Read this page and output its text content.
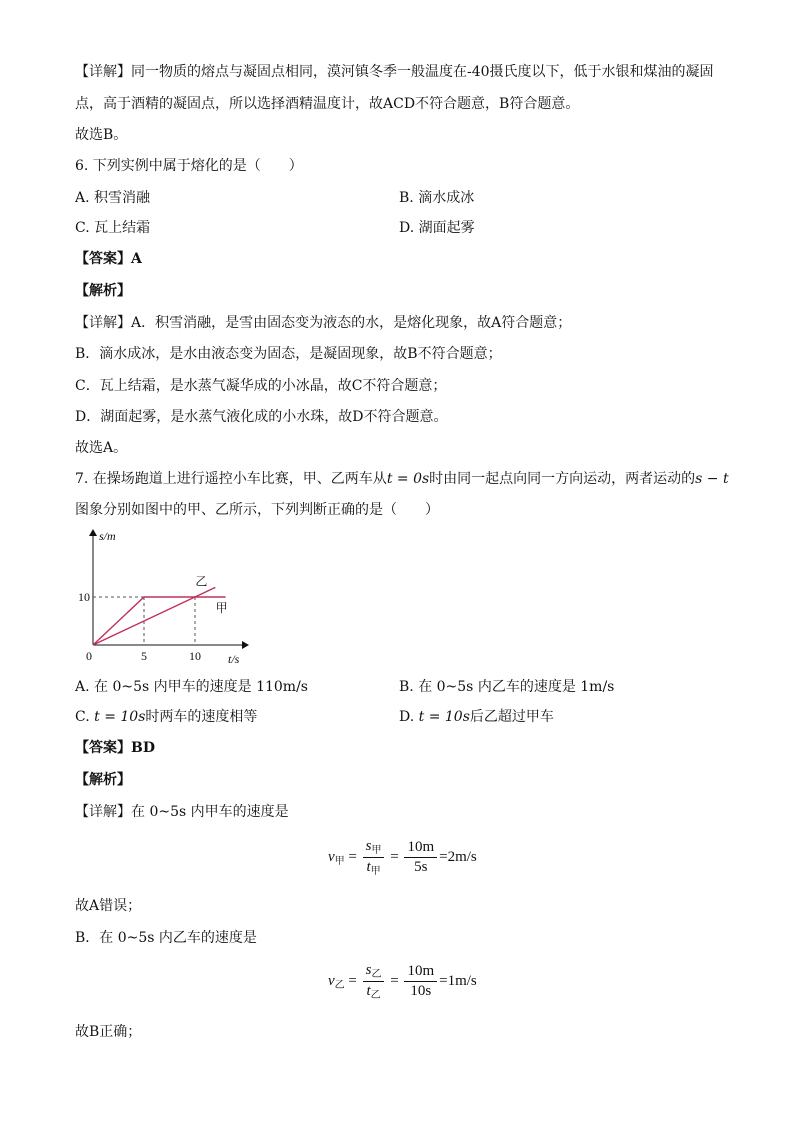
【详解】同一物质的熔点与凝固点相同，漠河镇冬季一般温度在-40摄氏度以下，低于水银和煤油的凝固
点，高于酒精的凝固点，所以选择酒精温度计，故ACD不符合题意，B符合题意。
故选B。
6. 下列实例中属于熔化的是（　　）
A. 积雪消融	B. 滴水成冰
C. 瓦上结霜	D. 湖面起雾
【答案】A
【解析】
【详解】A．积雪消融，是雪由固态变为液态的水，是熔化现象，故A符合题意；
B．滴水成冰，是水由液态变为固态，是凝固现象，故B不符合题意；
C．瓦上结霜，是水蒸气凝华成的小冰晶，故C不符合题意；
D．湖面起雾，是水蒸气液化成的小水珠，故D不符合题意。
故选A。
7. 在操场跑道上进行遥控小车比赛，甲、乙两车从t = 0s时由同一起点向同一方向运动，两者运动的s − t
图象分别如图中的甲、乙所示，下列判断正确的是（　　）
甲
乙
5	10
10
0	t/s
s/m
A. 在 0~5s 内甲车的速度是 110m/s	B. 在 0~5s 内乙车的速度是 1m/s
C. t = 10s时两车的速度相等	D. t = 10s后乙超过甲车
【答案】BD
【解析】
【详解】在 0~5s 内甲车的速度是
$v_甲 = \frac{s_甲}{t_甲} = \frac{10m}{5s} =2m/s$
故A错误；
B．在 0~5s 内乙车的速度是
$v_乙 = \frac{s_乙}{t_乙} = \frac{10m}{10s} =1m/s$
故B正确；
